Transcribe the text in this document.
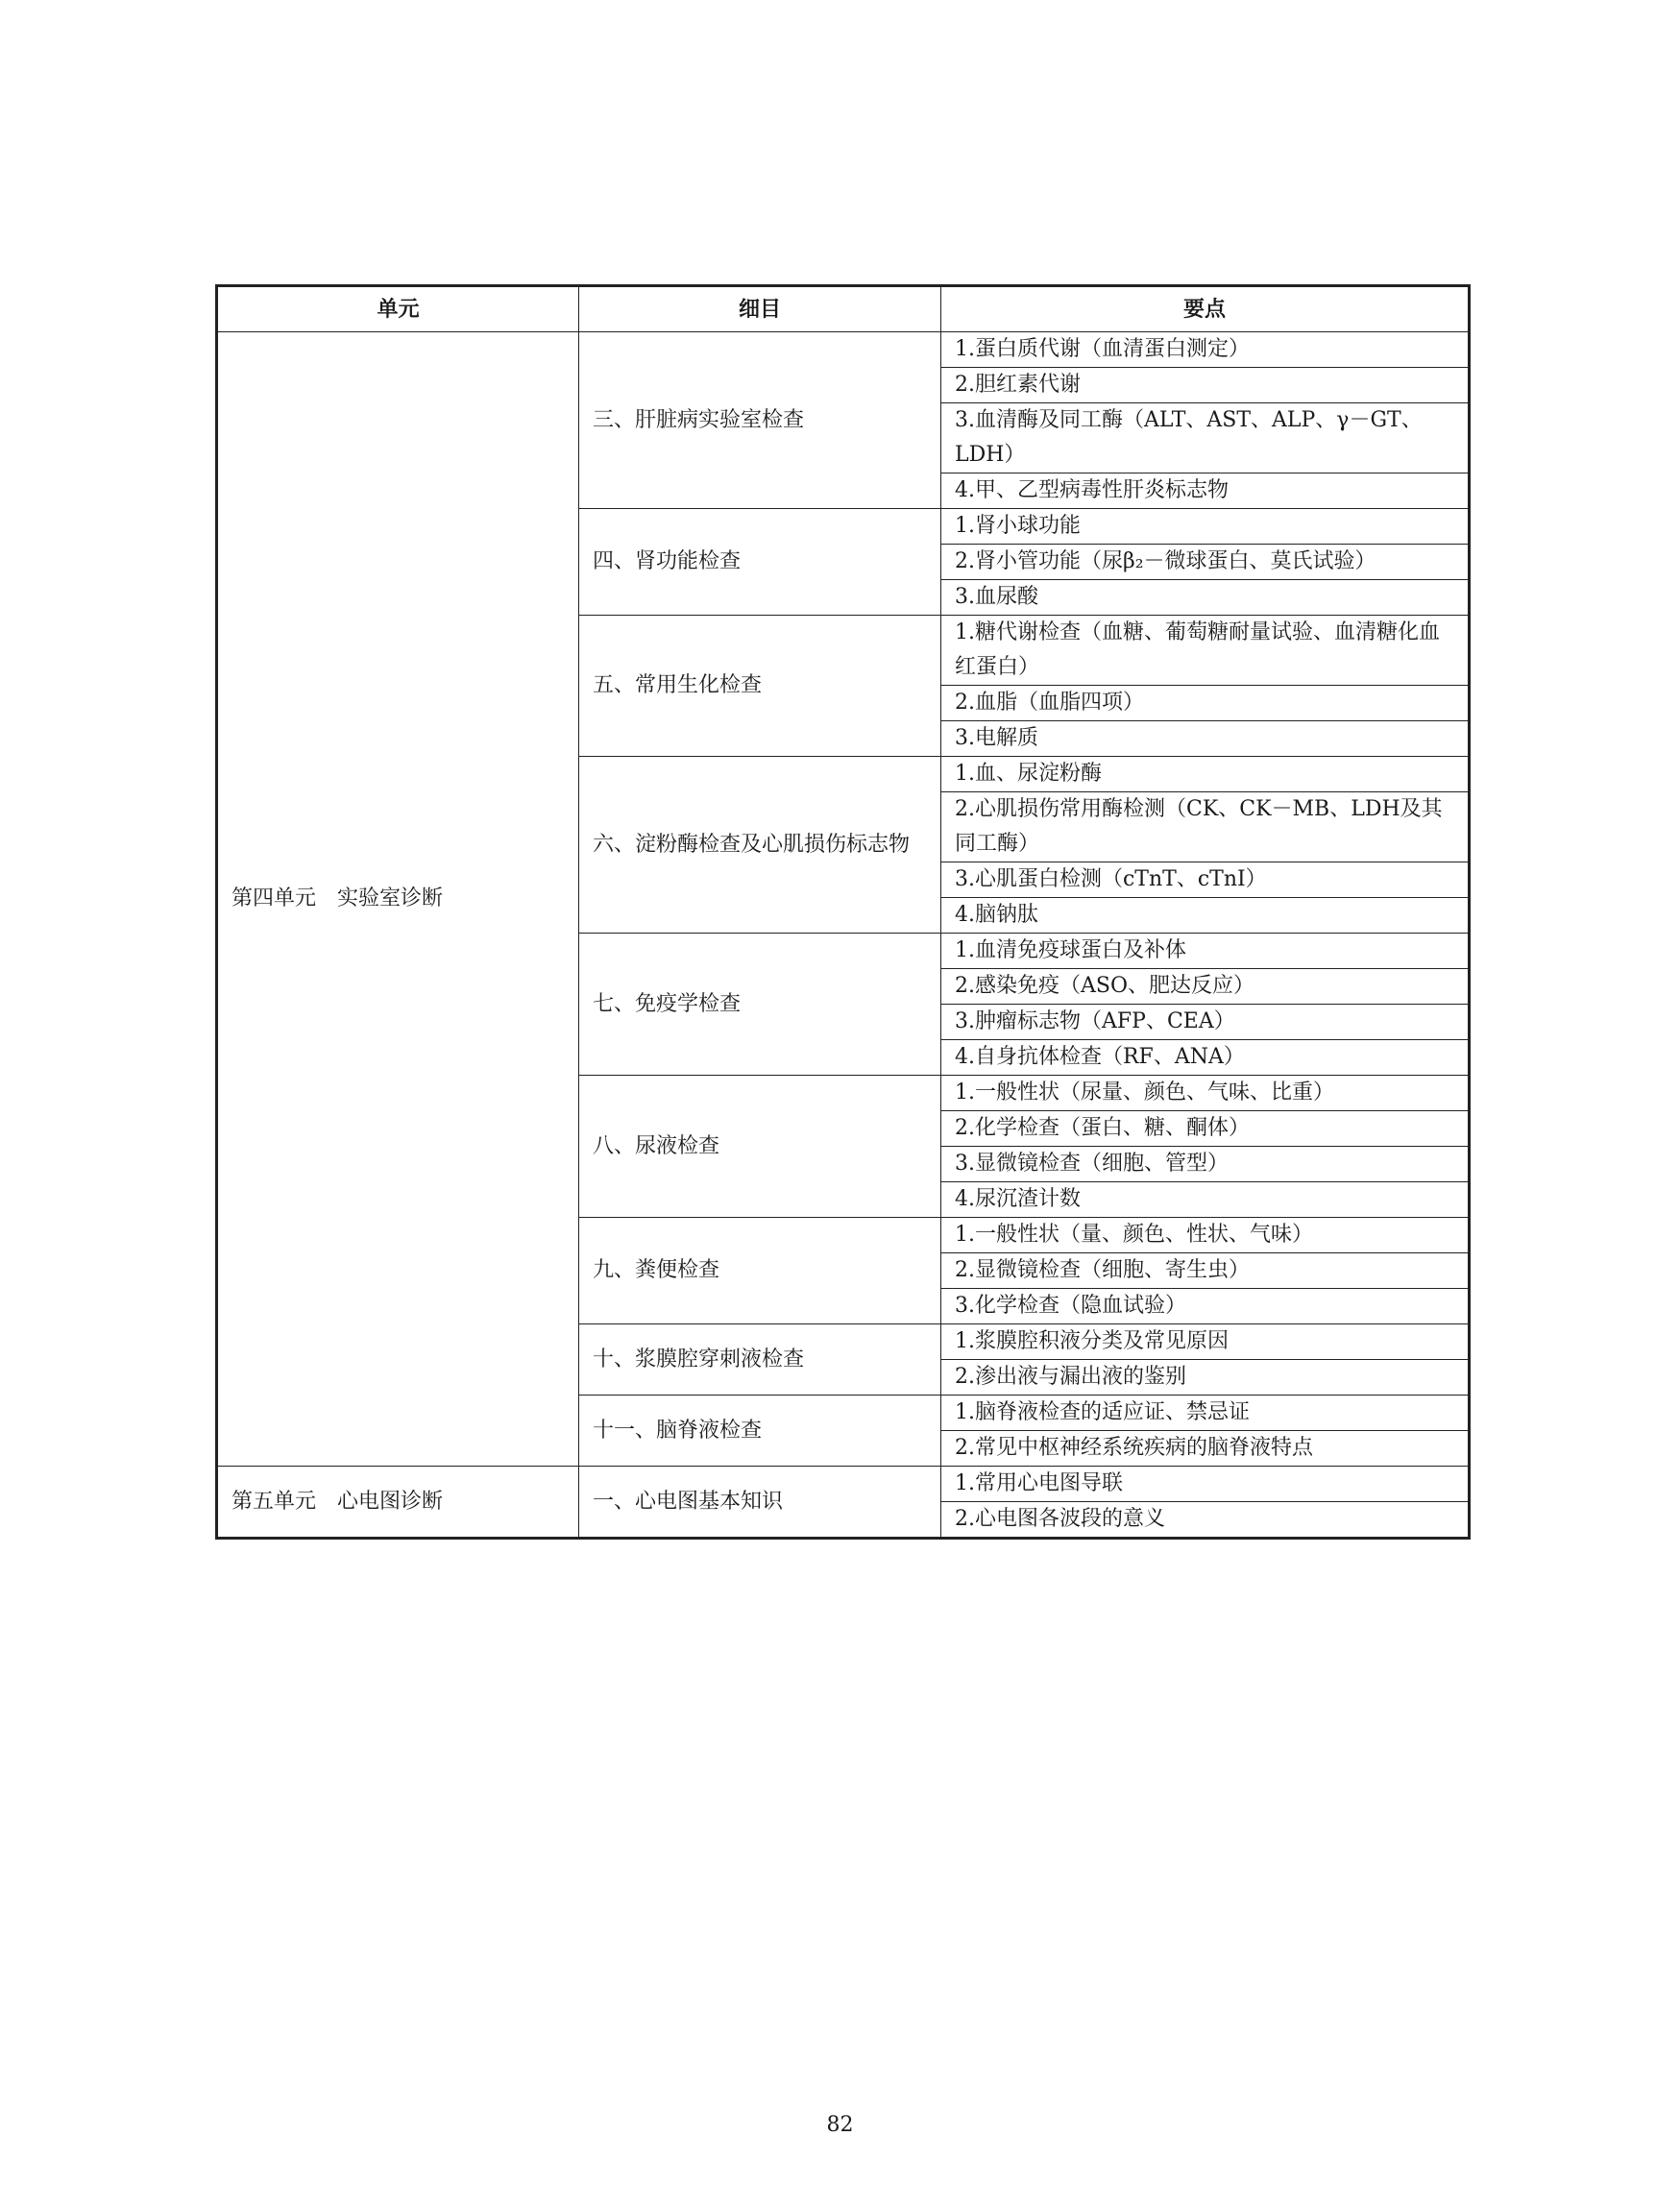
单元	细目	要点
第四单元　实验室诊断	三、肝脏病实验室检查	1.蛋白质代谢（血清蛋白测定）
		2.胆红素代谢
		3.血清酶及同工酶（ALT、AST、ALP、γ－GT、LDH）
		4.甲、乙型病毒性肝炎标志物
	四、肾功能检查	1.肾小球功能
		2.肾小管功能（尿β₂－微球蛋白、莫氏试验）
		3.血尿酸
	五、常用生化检查	1.糖代谢检查（血糖、葡萄糖耐量试验、血清糖化血红蛋白）
		2.血脂（血脂四项）
		3.电解质
	六、淀粉酶检查及心肌损伤标志物	1.血、尿淀粉酶
		2.心肌损伤常用酶检测（CK、CK－MB、LDH及其同工酶）
		3.心肌蛋白检测（cTnT、cTnI）
		4.脑钠肽
	七、免疫学检查	1.血清免疫球蛋白及补体
		2.感染免疫（ASO、肥达反应）
		3.肿瘤标志物（AFP、CEA）
		4.自身抗体检查（RF、ANA）
	八、尿液检查	1.一般性状（尿量、颜色、气味、比重）
		2.化学检查（蛋白、糖、酮体）
		3.显微镜检查（细胞、管型）
		4.尿沉渣计数
	九、粪便检查	1.一般性状（量、颜色、性状、气味）
		2.显微镜检查（细胞、寄生虫）
		3.化学检查（隐血试验）
	十、浆膜腔穿刺液检查	1.浆膜腔积液分类及常见原因
		2.渗出液与漏出液的鉴别
	十一、脑脊液检查	1.脑脊液检查的适应证、禁忌证
		2.常见中枢神经系统疾病的脑脊液特点
第五单元　心电图诊断	一、心电图基本知识	1.常用心电图导联
		2.心电图各波段的意义
82
